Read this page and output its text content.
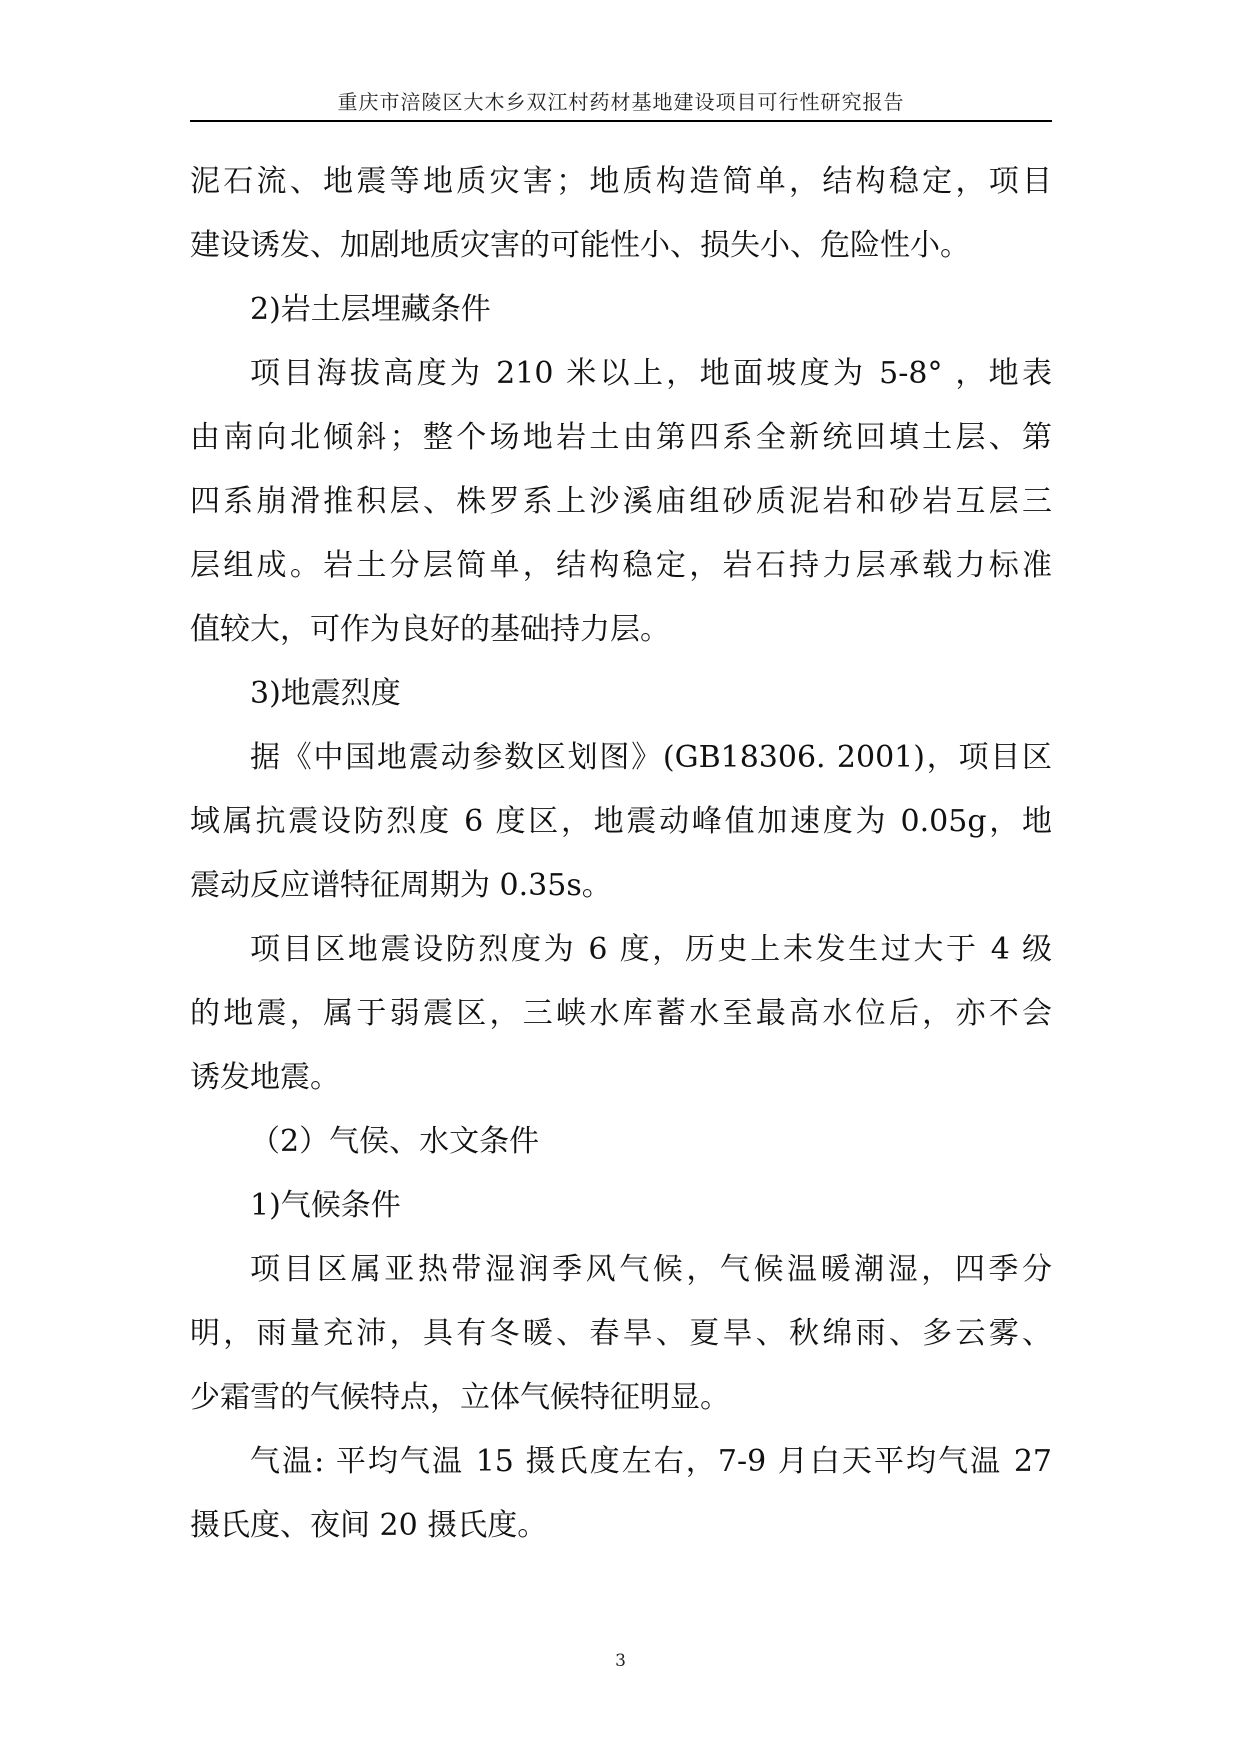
重庆市涪陵区大木乡双江村药材基地建设项目可行性研究报告
泥石流、地震等地质灾害；地质构造简单，结构稳定，项目
建设诱发、加剧地质灾害的可能性小、损失小、危险性小。
2)岩土层埋藏条件
项目海拔高度为 210 米以上，地面坡度为 5-8° ，地表
由南向北倾斜；整个场地岩土由第四系全新统回填土层、第
四系崩滑推积层、株罗系上沙溪庙组砂质泥岩和砂岩互层三
层组成。岩土分层简单，结构稳定，岩石持力层承载力标准
值较大，可作为良好的基础持力层。
3)地震烈度
据《中国地震动参数区划图》(GB18306. 2001)，项目区
域属抗震设防烈度 6 度区，地震动峰值加速度为 0.05g，地
震动反应谱特征周期为 0.35s。
项目区地震设防烈度为 6 度，历史上未发生过大于 4 级
的地震，属于弱震区，三峡水库蓄水至最高水位后，亦不会
诱发地震。
（2）气侯、水文条件
1)气候条件
项目区属亚热带湿润季风气候，气候温暖潮湿，四季分
明，雨量充沛，具有冬暖、春旱、夏旱、秋绵雨、多云雾、
少霜雪的气候特点，立体气候特征明显。
气温: 平均气温 15 摄氏度左右，7-9 月白天平均气温 27
摄氏度、夜间 20 摄氏度。
3
